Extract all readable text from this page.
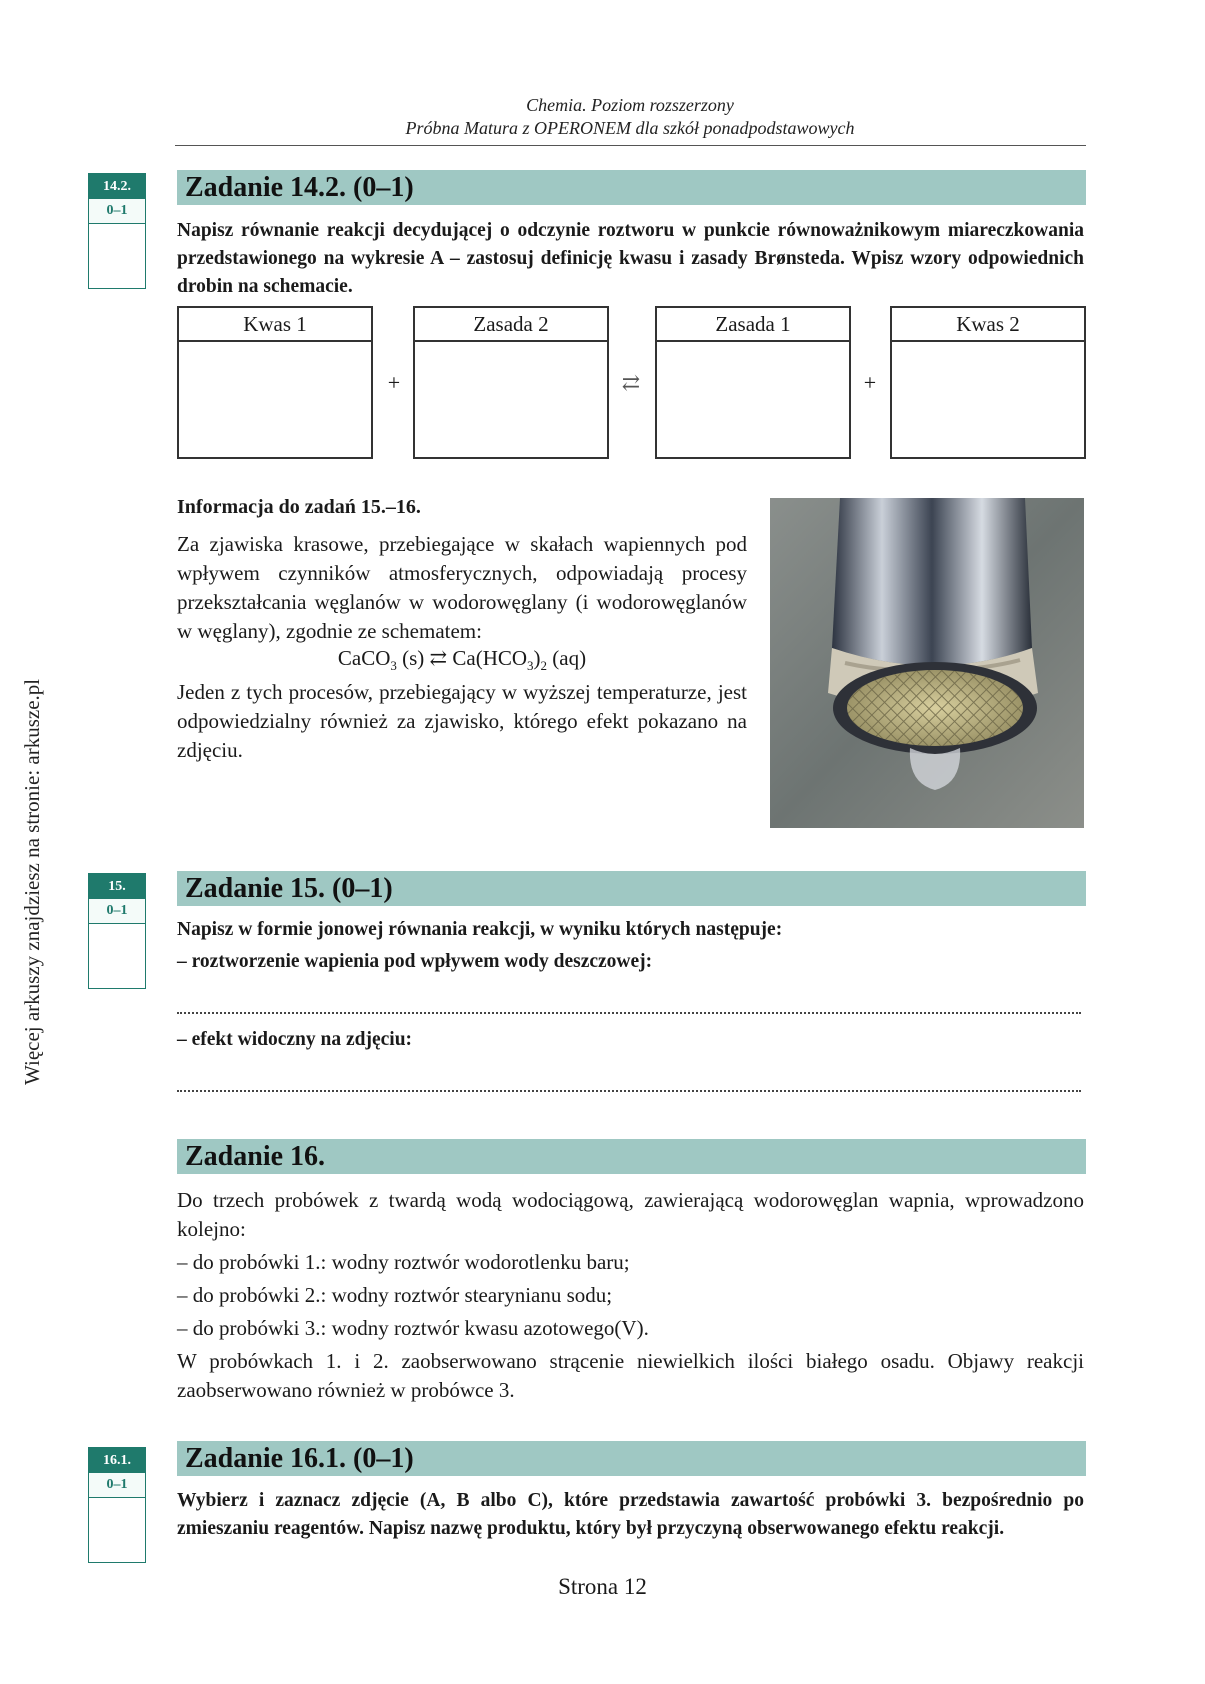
Chemia. Poziom rozszerzony
Próbna Matura z OPERONEM dla szkół ponadpodstawowych
Więcej arkuszy znajdziesz na stronie: arkusze.pl
14.2.
0–1
Zadanie 14.2. (0–1)
Napisz równanie reakcji decydującej o odczynie roztworu w punkcie równoważnikowym miareczkowania przedstawionego na wykresie A – zastosuj definicję kwasu i zasady Brønsteda. Wpisz wzory odpowiednich drobin na schemacie.
Kwas 1
+
Zasada 2
⇄
Zasada 1
+
Kwas 2
Informacja do zadań 15.–16.
Za zjawiska krasowe, przebiegające w skałach wapiennych pod wpływem czynników atmosferycznych, odpowiadają procesy przekształcania węglanów w wodorowęglany (i wodorowęglanów w węglany), zgodnie ze schematem:
CaCO$_3$ (s) ⇄ $Ca(HCO_3)_2$ (aq)
Jeden z tych procesów, przebiegający w wyższej temperaturze, jest odpowiedzialny również za zjawisko, którego efekt pokazano na zdjęciu.
15.
0–1
Zadanie 15. (0–1)
Napisz w formie jonowej równania reakcji, w wyniku których następuje:
– roztworzenie wapienia pod wpływem wody deszczowej:
– efekt widoczny na zdjęciu:
Zadanie 16.
Do trzech probówek z twardą wodą wodociągową, zawierającą wodorowęglan wapnia, wprowadzono kolejno:
– do probówki 1.: wodny roztwór wodorotlenku baru;
– do probówki 2.: wodny roztwór stearynianu sodu;
– do probówki 3.: wodny roztwór kwasu azotowego(V).
W probówkach 1. i 2. zaobserwowano strącenie niewielkich ilości białego osadu. Objawy reakcji zaobserwowano również w probówce 3.
16.1.
0–1
Zadanie 16.1. (0–1)
Wybierz i zaznacz zdjęcie (A, B albo C), które przedstawia zawartość probówki 3. bezpośrednio po zmieszaniu reagentów. Napisz nazwę produktu, który był przyczyną obserwowanego efektu reakcji.
Strona 12
